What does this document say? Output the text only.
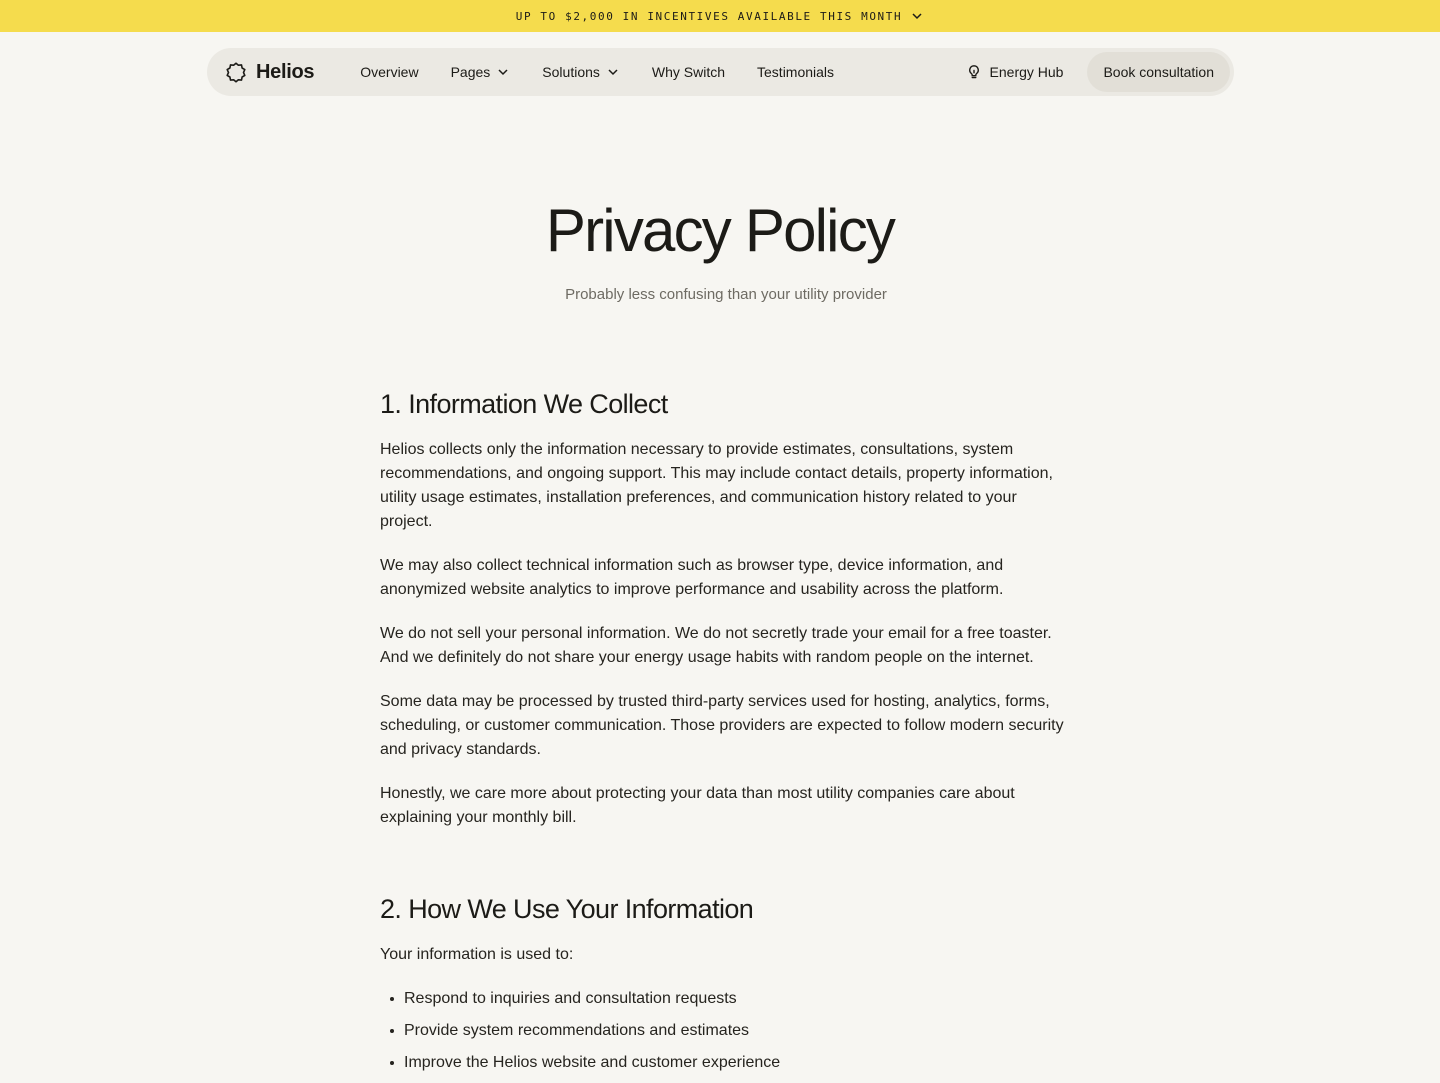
UP TO $2,000 IN INCENTIVES AVAILABLE THIS MONTH
Helios	Overview Pages	Solutions	Why Switch Testimonials	Energy Hub	Book consultation
Privacy Policy

Probably less confusing than your utility provider

1. Information We Collect

Helios collects only the information necessary to provide estimates, consultations, system recommendations, and ongoing support. This may include contact details, property information, utility usage estimates, installation preferences, and communication history related to your project.

We may also collect technical information such as browser type, device information, and anonymized website analytics to improve performance and usability across the platform.

We do not sell your personal information. We do not secretly trade your email for a free toaster. And we definitely do not share your energy usage habits with random people on the internet.

Some data may be processed by trusted third-party services used for hosting, analytics, forms, scheduling, or customer communication. Those providers are expected to follow modern security and privacy standards.

Honestly, we care more about protecting your data than most utility companies care about explaining your monthly bill.

2. How We Use Your Information

Your information is used to:

Respond to inquiries and consultation requests
Provide system recommendations and estimates
Improve the Helios website and customer experience
